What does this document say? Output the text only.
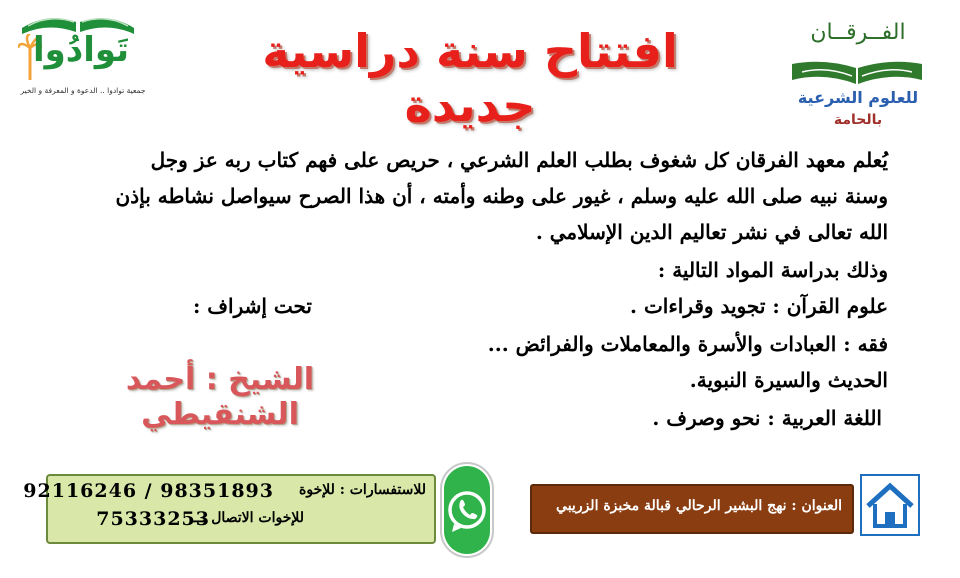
تَوادُوا
جمعية توادوا .. الدعوة و المعرفة و الخير
الفــرقــان
للعلوم الشرعية
بالحامة
افتتاح سنة دراسية جديدة
يُعلم معهد الفرقان كل شغوف بطلب العلم الشرعي ، حريص على فهم كتاب ربه عز وجل
وسنة نبيه صلى الله عليه وسلم ، غيور على وطنه وأمته ، أن هذا الصرح سيواصل نشاطه بإذن
الله تعالى في نشر تعاليم الدين الإسلامي .
وذلك بدراسة المواد التالية :
علوم القرآن : تجويد وقراءات .
فقه : العبادات والأسرة والمعاملات والفرائض ...
الحديث والسيرة النبوية.
اللغة العربية : نحو وصرف .
تحت إشراف :
الشيخ : أحمد الشنقيطي
للاستفسارات : للإخوة
98351893 / 92116246
للإخوات الاتصال بـــ
75333253
العنوان : نهج البشير الرحالي قبالة مخبزة الزريبي
